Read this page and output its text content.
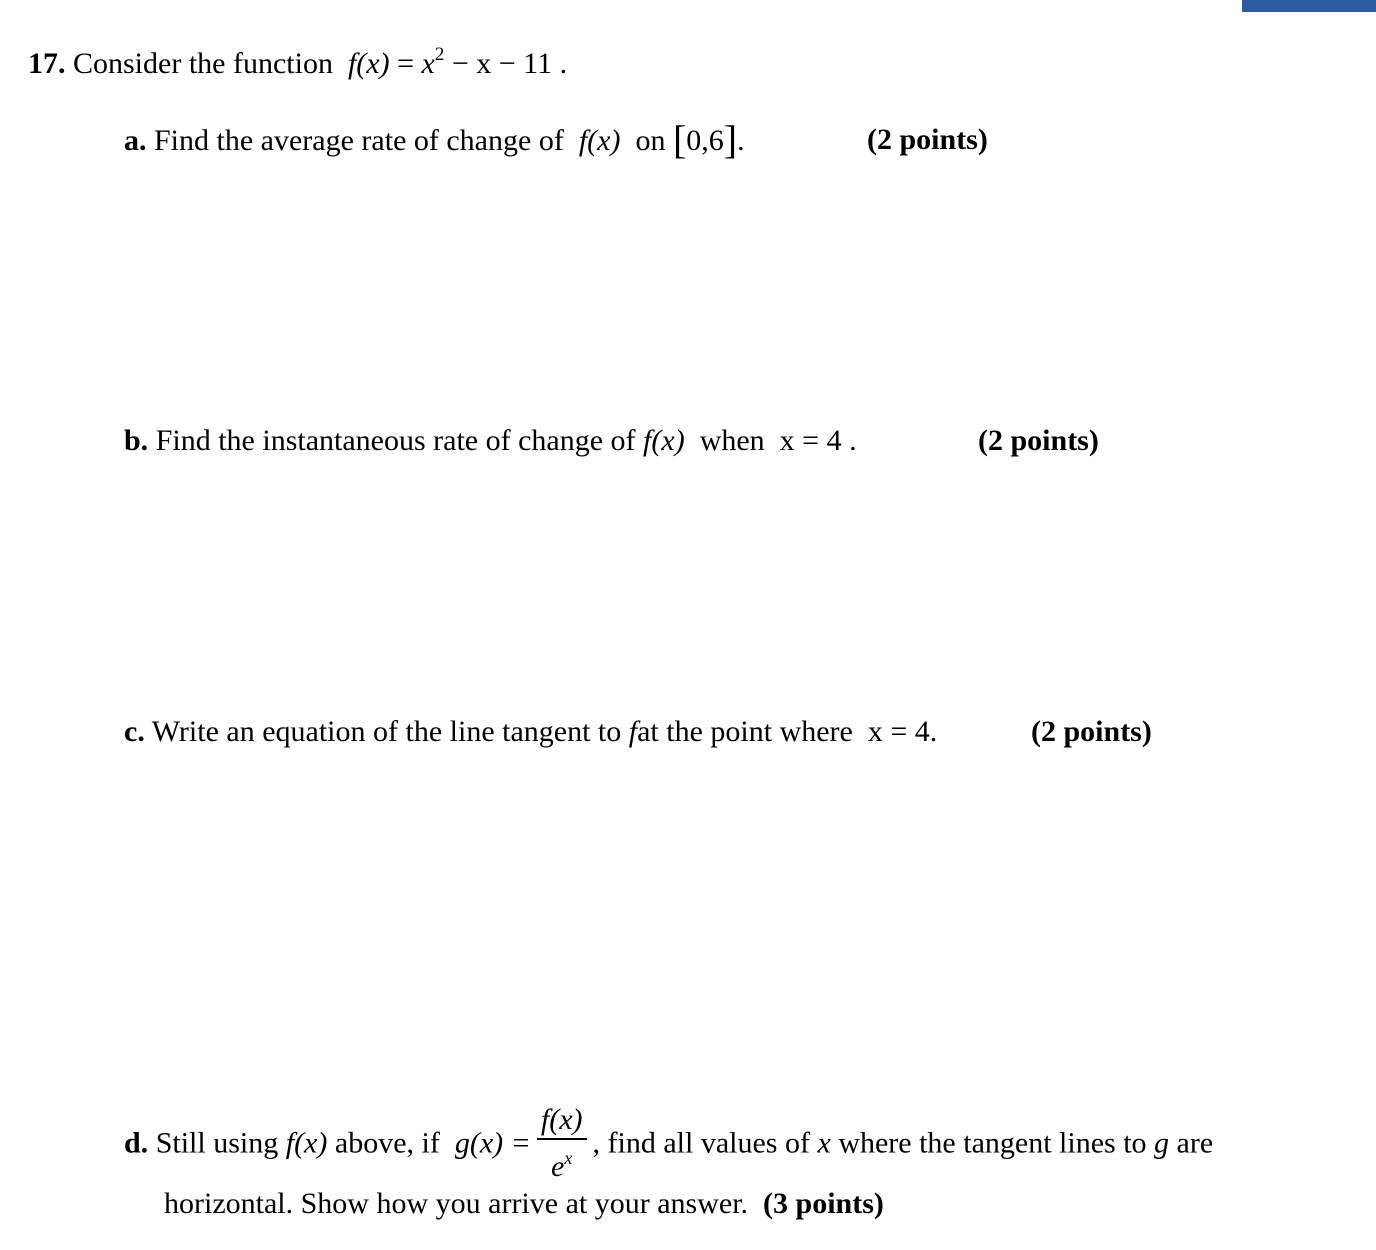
17. Consider the function $f(x) = x^2 - x - 11$ .
a. Find the average rate of change of f(x) on [0,6].	(2 points)
b. Find the instantaneous rate of change of f(x) when x = 4 .	(2 points)
c. Write an equation of the line tangent to fat the point where x = 4.	(2 points)
d. Still using f(x) above, if $g(x) = \frac{f(x)}{e^x}$ , find all values of x where the tangent lines to g are
horizontal. Show how you arrive at your answer. (3 points)
